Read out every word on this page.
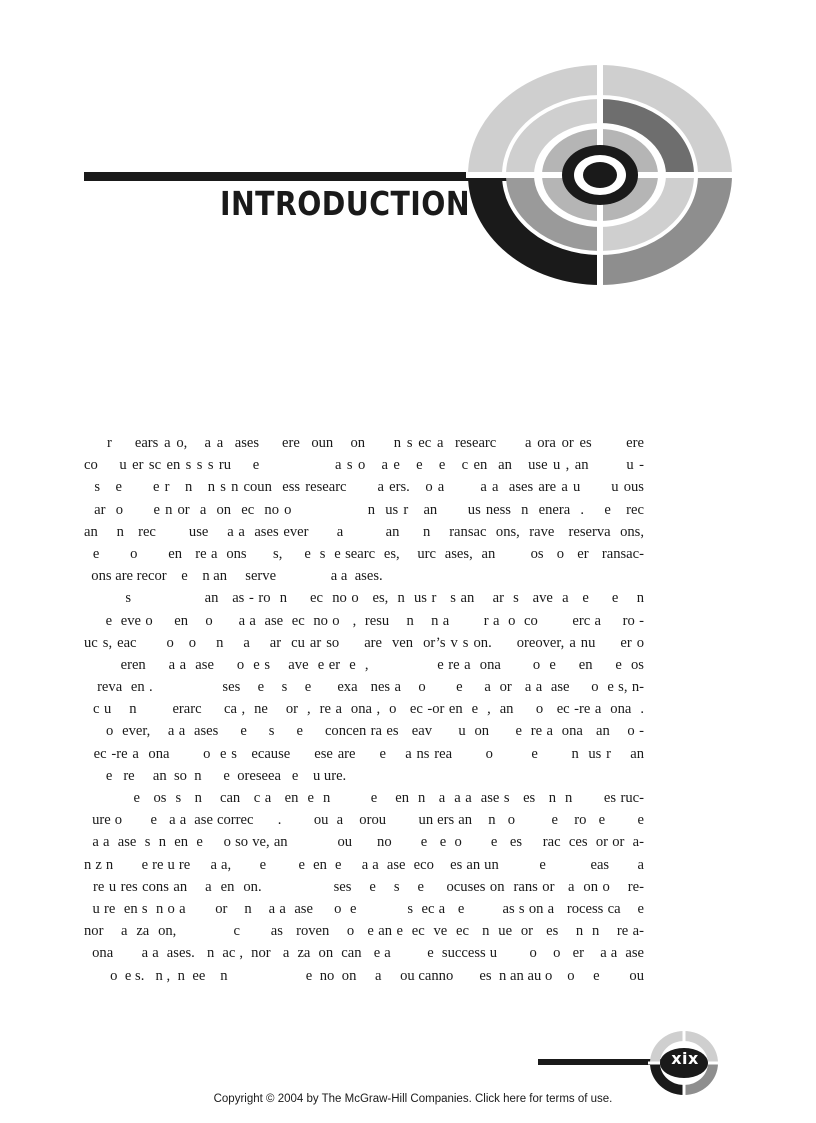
INTRODUCTION
r    ears a o,   a a  ases    ere  oun   on     n s ec a  researc     a ora or es      ere
co    u er sc en s s s ru    e              a s o   a e   e   e   c en  an   use u , an       u -
s   e      e r   n   n s n coun  ess researc      a ers.   o a       a a  ases are a u      u ous
ar  o      e n or  a  on  ec  no o               n  us r   an      us ness  n  enera  .    e   rec
an    n   rec       use    a a  ases ever      a         an     n    ransac  ons,  rave   reserva  ons,
e       o       en   re a  ons      s,     e  s  e searc  es,    urc  ases,  an        os   o   er   ransac-
ons are recor    e    n an     serve               a a  ases.
s                an   as - ro  n     ec  no o   es,  n  us r   s an    ar  s   ave  a   e     e    n
e  eve o     en    o      a a  ase  ec  no o   ,  resu    n    n a        r a  o  co        erc a     ro -
uc s, eac      o   o    n    a    ar  cu ar so     are  ven  or’s v s on.     oreover, a nu     er o
eren     a a  ase     o  e s    ave  e er  e  ,               e re a  ona       o  e     en     e  os
reva  en .                ses    e    s    e      exa   nes a    o       e     a  or   a a  ase     o  e s, n-
c u    n        erarc     ca ,  ne    or  ,  re a  ona ,  o   ec -or en  e  ,  an     o   ec -re a  ona  .
o  ever,    a a  ases     e     s     e     concen ra es   eav      u  on      e  re a  ona   an    o -
ec -re a  ona       o  e s   ecause     ese are     e    a ns rea       o        e       n  us r    an
e   re     an  so  n      e  oreseea   e    u ure.
e   os  s   n    can   c a   en  e  n         e    en  n   a  a a  ase s   es   n  n       es ruc-
ure o       e   a a  ase correc      .        ou  a    orou        un ers an    n   o         e    ro   e        e
a a  ase  s  n  en  e     o so ve, an            ou      no       e   e  o       e   es     rac  ces  or or  a-
n z n       e re u re     a a,       e        e  en  e     a a  ase  eco    es an un          e           eas       a
re u res cons an    a  en  on.                ses    e    s    e     ocuses on  rans or   a  on o    re-
u re  en s  n o a       or    n    a a  ase     o  e            s  ec a   e         as s on a   rocess ca    e
nor    a  za  on,             c       as   roven    o   e an e  ec  ve  ec   n  ue  or   es    n  n    re a-
ona       a a  ases.   n  ac ,  nor   a  za  on  can   e a         e  success u        o    o   er    a a  ase
o  e s.   n ,  n  ee    n                     e  no  on     a     ou canno       es  n an au o    o     e        ou
xix
Copyright © 2004 by The McGraw-Hill Companies. Click here for terms of use.
